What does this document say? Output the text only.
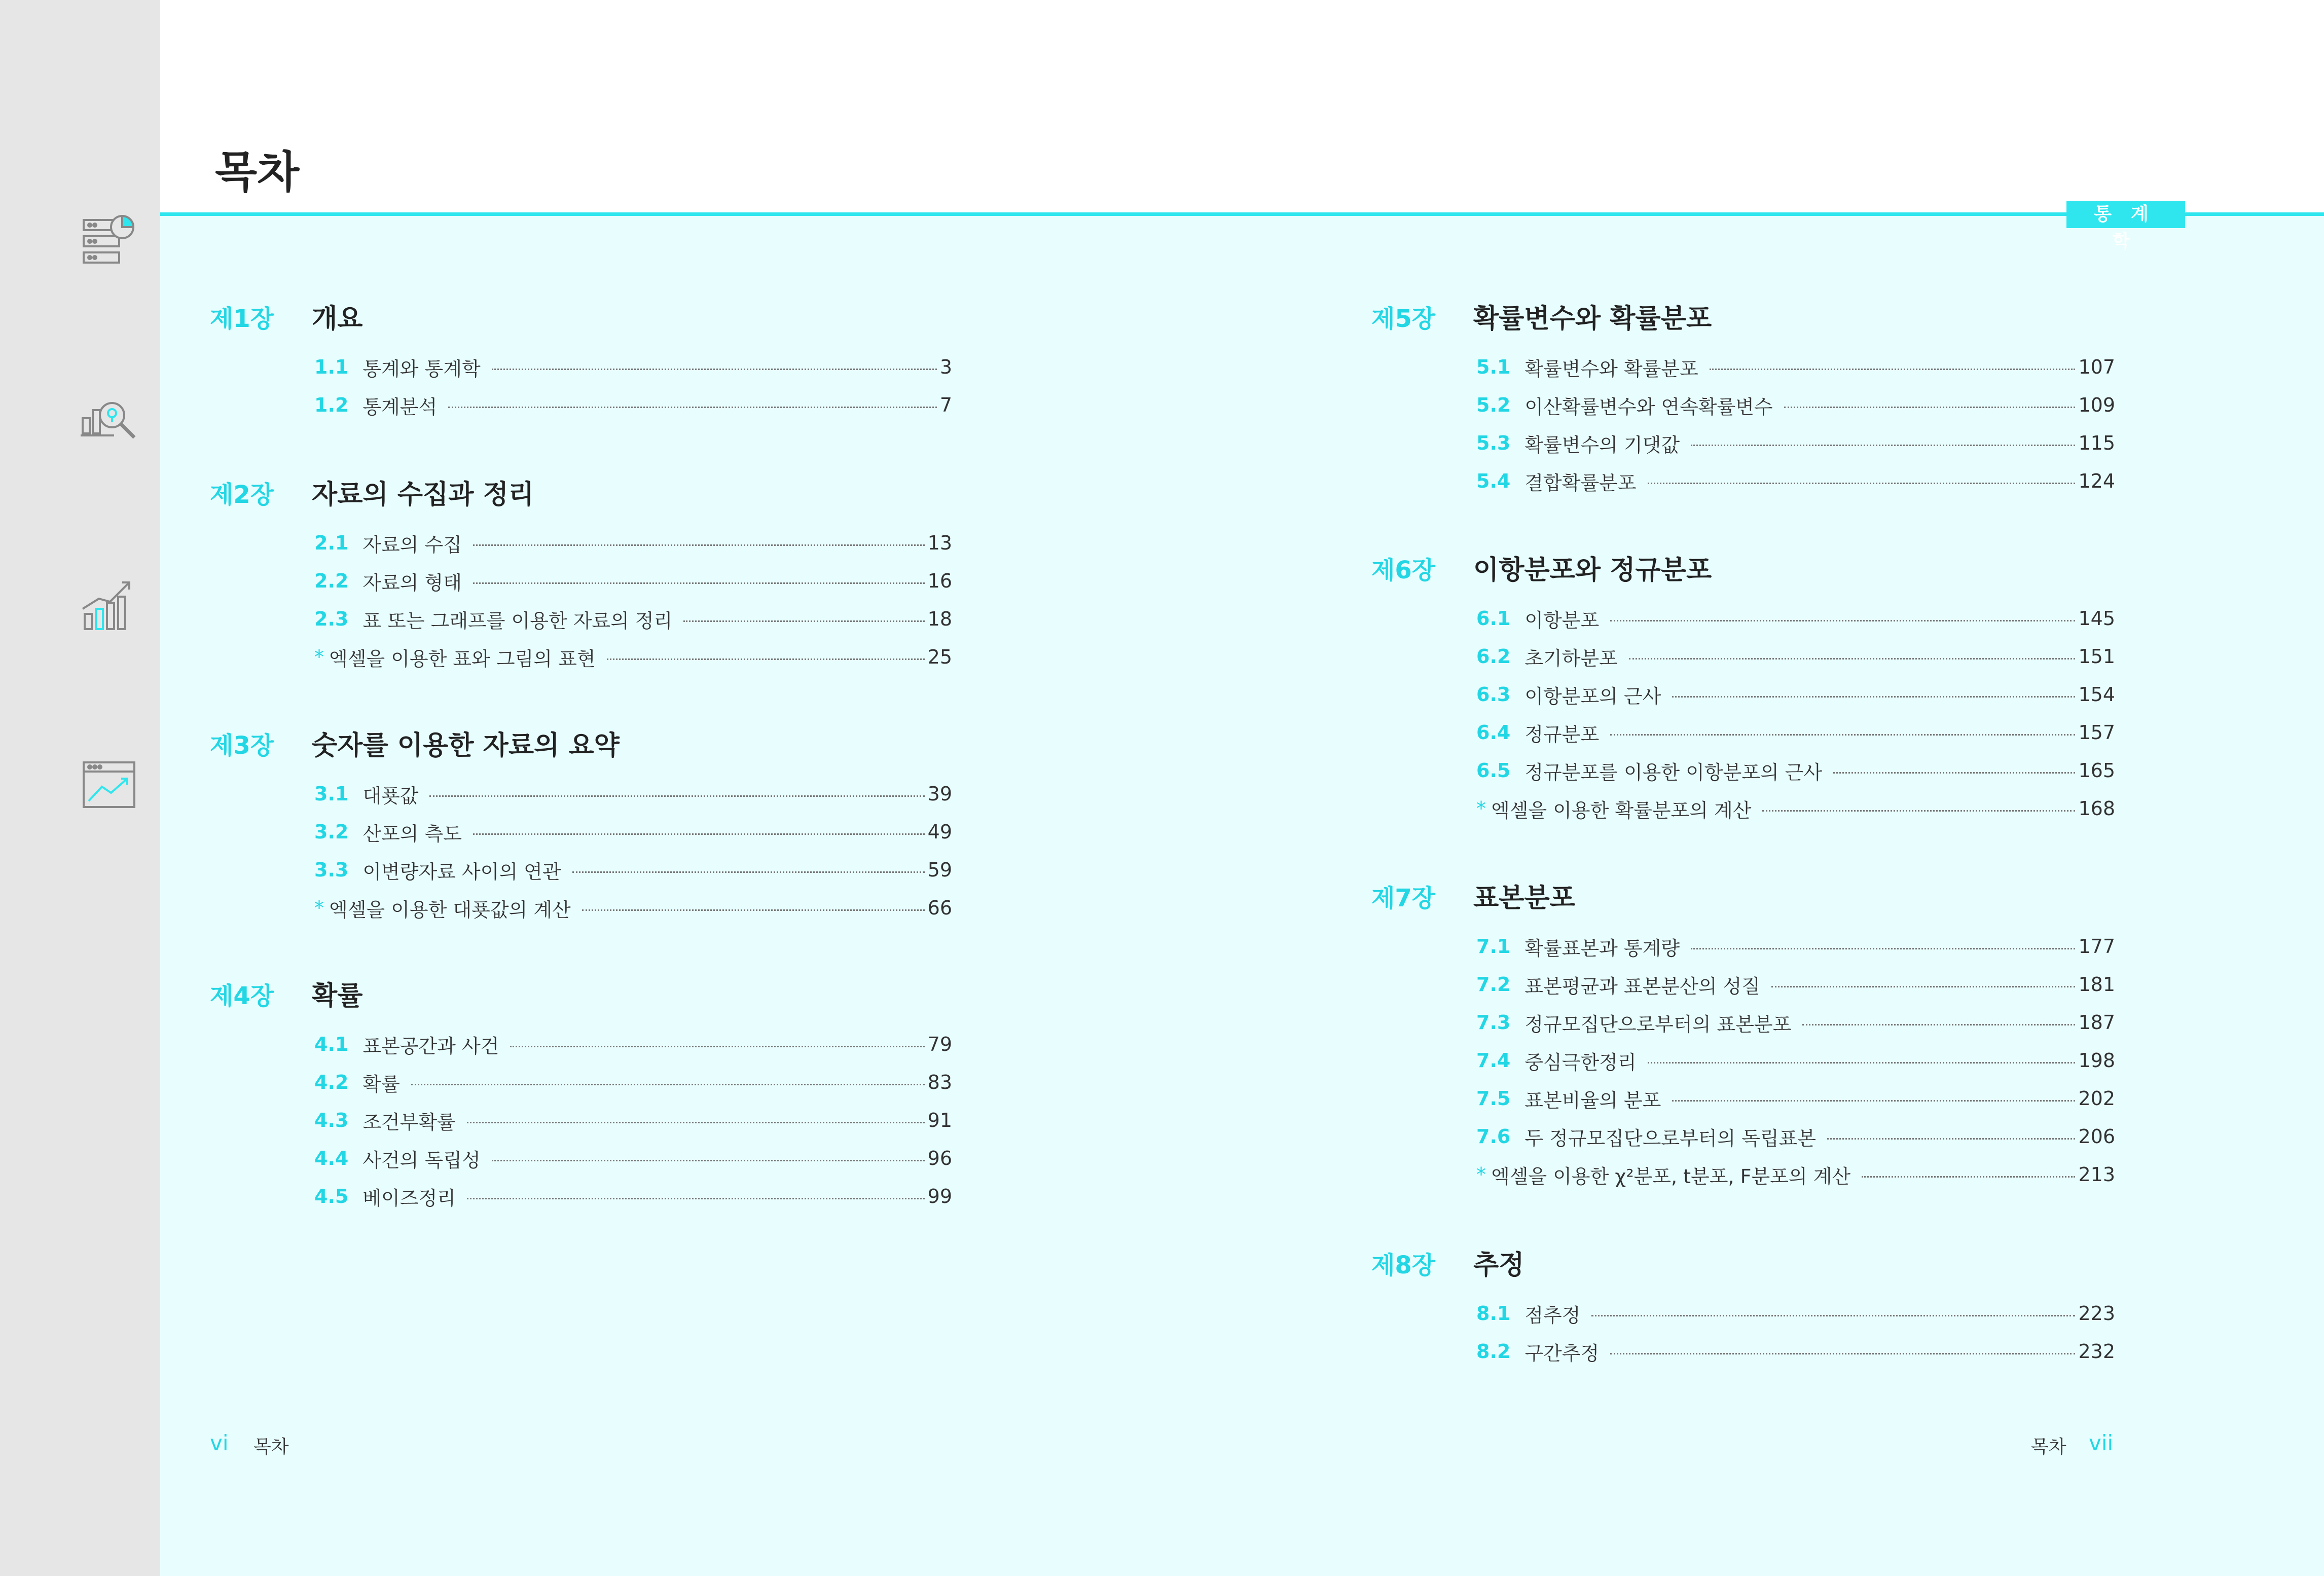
목차
통계학
제1장 개요
1.1 통계와 통계학	3
1.2 통계분석	7
제2장 자료의 수집과 정리
2.1 자료의 수집	13
2.2 자료의 형태	16
2.3 표 또는 그래프를 이용한 자료의 정리	18
* 엑셀을 이용한 표와 그림의 표현	25
제3장 숫자를 이용한 자료의 요약
3.1 대푯값	39
3.2 산포의 측도	49
3.3 이변량자료 사이의 연관	59
* 엑셀을 이용한 대푯값의 계산	66
제4장 확률
4.1 표본공간과 사건	79
4.2 확률	83
4.3 조건부확률	91
4.4 사건의 독립성	96
4.5 베이즈정리	99
제5장 확률변수와 확률분포
5.1 확률변수와 확률분포	107
5.2 이산확률변수와 연속확률변수	109
5.3 확률변수의 기댓값	115
5.4 결합확률분포	124
제6장 이항분포와 정규분포
6.1 이항분포	145
6.2 초기하분포	151
6.3 이항분포의 근사	154
6.4 정규분포	157
6.5 정규분포를 이용한 이항분포의 근사	165
* 엑셀을 이용한 확률분포의 계산	168
제7장 표본분포
7.1 확률표본과 통계량	177
7.2 표본평균과 표본분산의 성질	181
7.3 정규모집단으로부터의 표본분포	187
7.4 중심극한정리	198
7.5 표본비율의 분포	202
7.6 두 정규모집단으로부터의 독립표본	206
* 엑셀을 이용한 χ²분포, t분포, F분포의 계산	213
제8장 추정
8.1 점추정	223
8.2 구간추정	232
vi 목차	목차 vii
